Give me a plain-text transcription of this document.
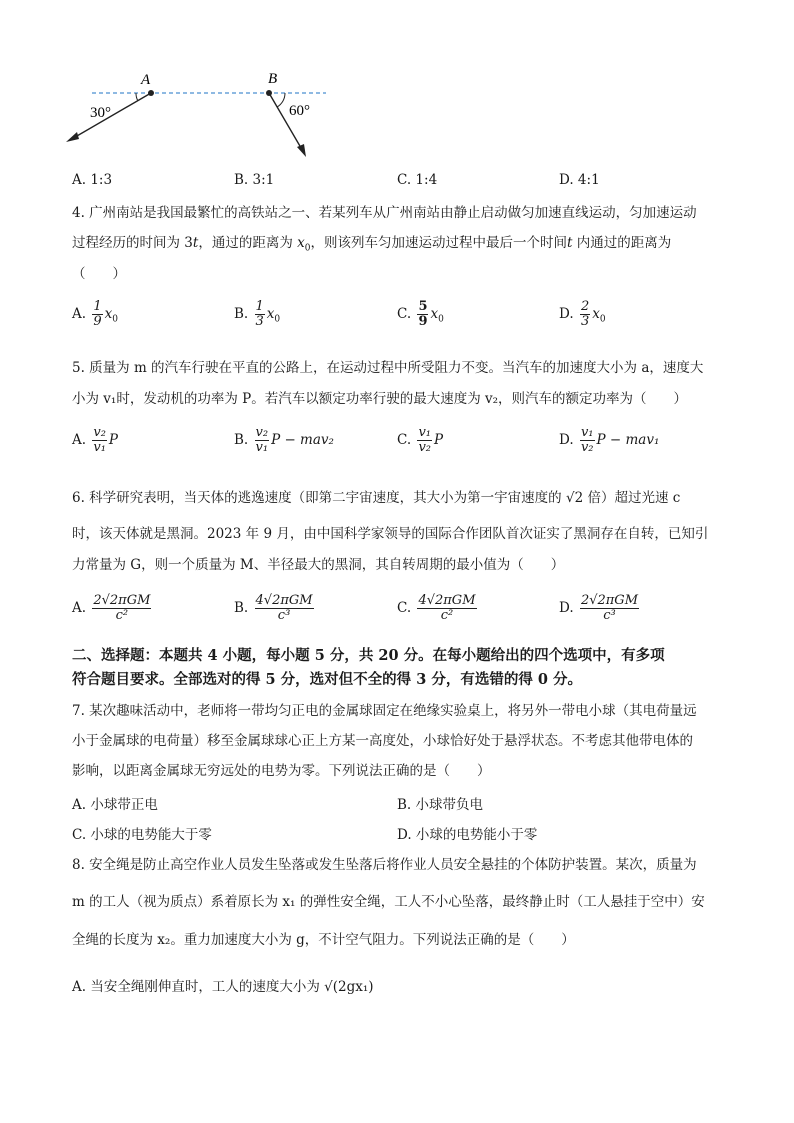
A	B
30°	60°
A. 1:3	B. 3:1	C. 1:4	D. 4:1
4. 广州南站是我国最繁忙的高铁站之一、若某列车从广州南站由静止启动做匀加速直线运动，匀加速运动
过程经历的时间为 3t，通过的距离为 $x_0$，则该列车匀加速运动过程中最后一个时间t 内通过的距离为
（　　）
A. $\frac{1}{9} x_0$	B. $\frac{1}{3} x_0$	C. $\frac{5}{9} x_0$	D. $\frac{2}{3} x_0$
5. 质量为 m 的汽车行驶在平直的公路上，在运动过程中所受阻力不变。当汽车的加速度大小为 a，速度大
小为 v₁时，发动机的功率为 P。若汽车以额定功率行驶的最大速度为 v₂，则汽车的额定功率为（　　）
A. $\frac{\text{v₂}}{\text{v₁}}$ P	B. $\frac{\text{v₂}}{\text{v₁}}$ P − mav₂	C. $\frac{\text{v₁}}{\text{v₂}}$ P	D. $\frac{\text{v₁}}{\text{v₂}}$ P − mav₁
6. 科学研究表明，当天体的逃逸速度（即第二宇宙速度，其大小为第一宇宙速度的 √2 倍）超过光速 c
时，该天体就是黑洞。2023 年 9 月，由中国科学家领导的国际合作团队首次证实了黑洞存在自转，已知引
力常量为 G，则一个质量为 M、半径最大的黑洞，其自转周期的最小值为（　　）
A. $\frac{\text{2√2πGM}}{\text{c²}}$	B. $\frac{\text{4√2πGM}}{\text{c³}}$	C. $\frac{\text{4√2πGM}}{\text{c²}}$	D. $\frac{\text{2√2πGM}}{\text{c³}}$
二、选择题：本题共 4 小题，每小题 5 分，共 20 分。在每小题给出的四个选项中，有多项
符合题目要求。全部选对的得 5 分，选对但不全的得 3 分，有选错的得 0 分。
7. 某次趣味活动中，老师将一带均匀正电的金属球固定在绝缘实验桌上，将另外一带电小球（其电荷量远
小于金属球的电荷量）移至金属球球心正上方某一高度处，小球恰好处于悬浮状态。不考虑其他带电体的
影响，以距离金属球无穷远处的电势为零。下列说法正确的是（　　）
A. 小球带正电	B. 小球带负电
C. 小球的电势能大于零	D. 小球的电势能小于零
8. 安全绳是防止高空作业人员发生坠落或发生坠落后将作业人员安全悬挂的个体防护装置。某次，质量为
m 的工人（视为质点）系着原长为 x₁ 的弹性安全绳，工人不小心坠落，最终静止时（工人悬挂于空中）安
全绳的长度为 x₂。重力加速度大小为 g，不计空气阻力。下列说法正确的是（　　）
A. 当安全绳刚伸直时，工人的速度大小为 √(2gx₁)
